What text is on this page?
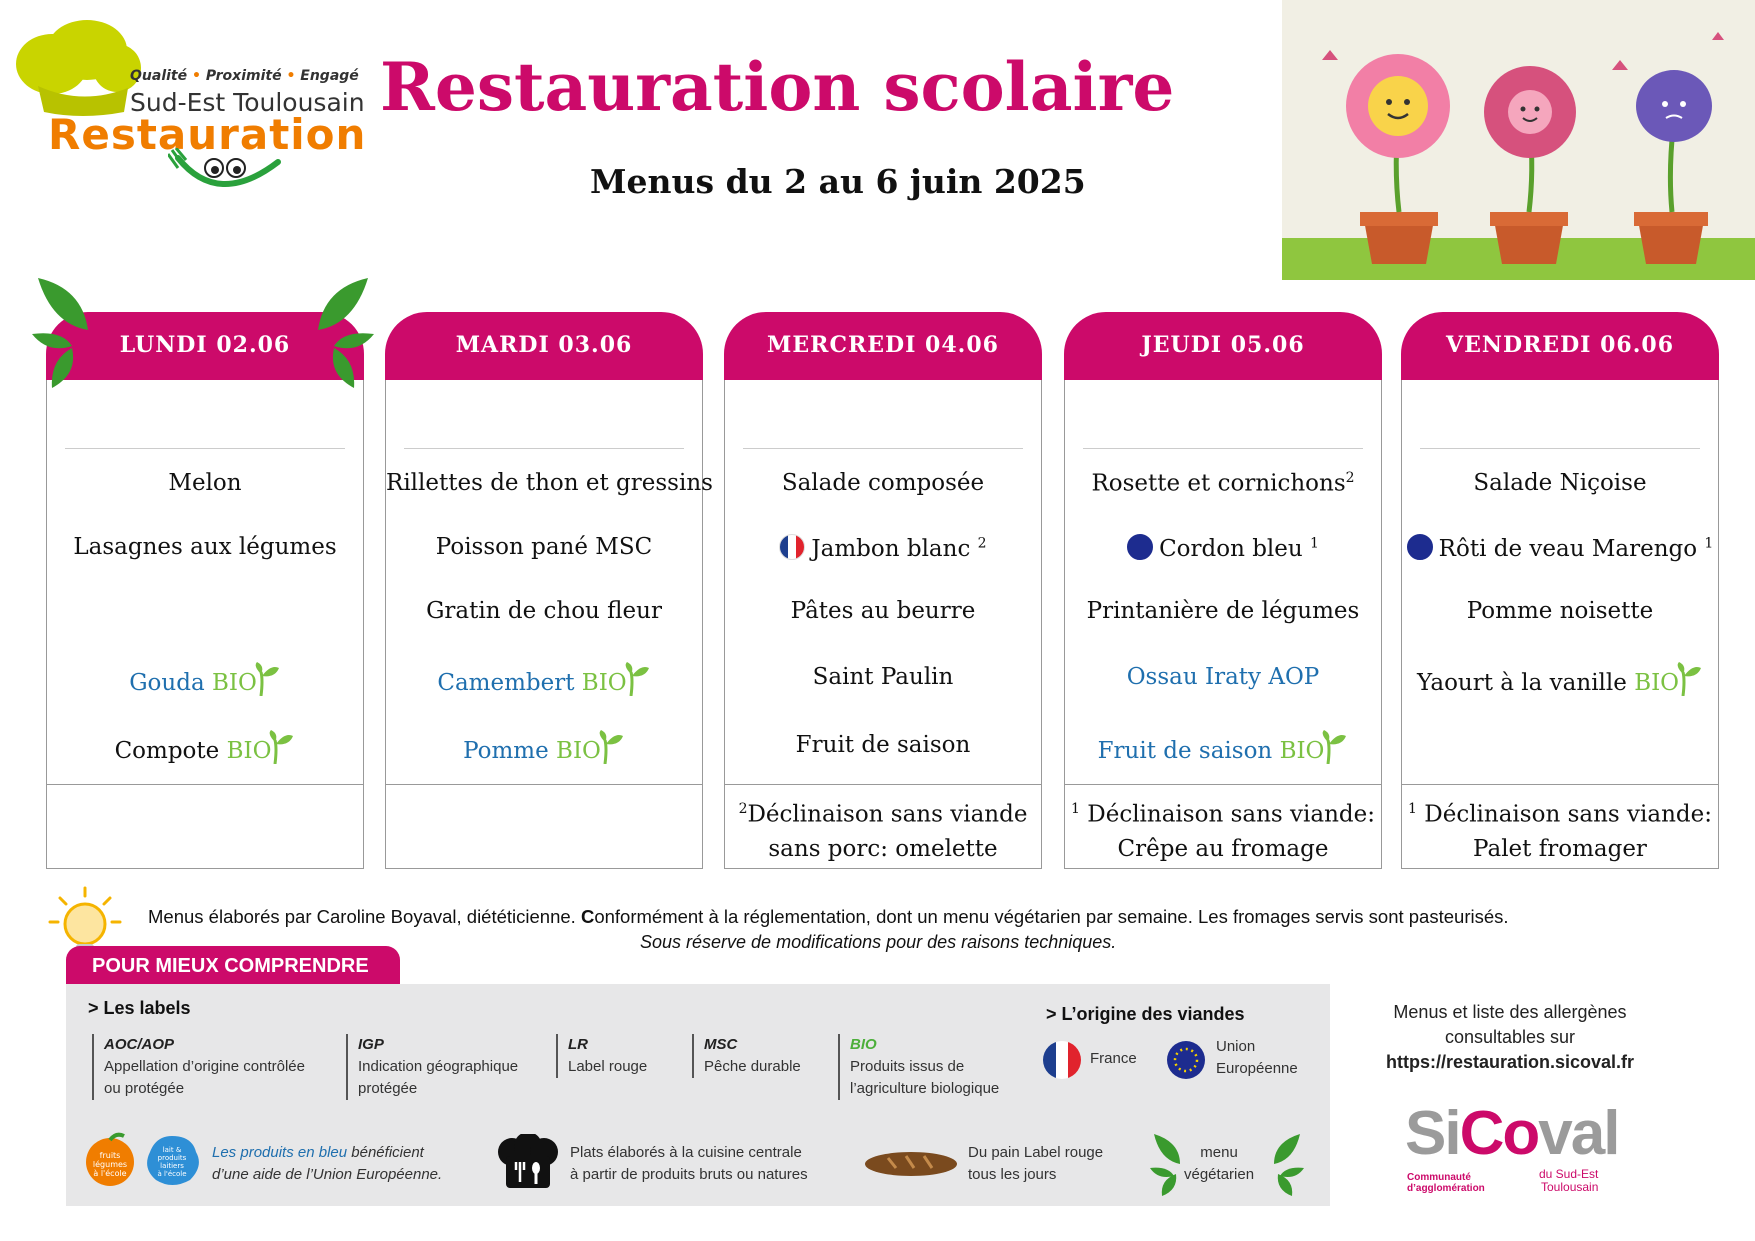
Qualité • Proximité • Engagé
Sud-Est Toulousain
Restauration
Restauration scolaire
Menus du 2 au 6 juin 2025
LUNDI 02.06
Melon
Lasagnes aux légumes
Gouda BIO
Compote BIO
MARDI 03.06
Rillettes de thon et gressins
Poisson pané MSC
Gratin de chou fleur
Camembert BIO
Pomme BIO
MERCREDI 04.06
Salade composée
Jambon blanc $^2$
Pâtes au beurre
Saint Paulin
Fruit de saison
$^2$Déclinaison sans viande
sans porc: omelette
JEUDI 05.06
Rosette et cornichons$^2$
Cordon bleu $^1$
Printanière de légumes
Ossau Iraty AOP
Fruit de saison BIO
$^1$ Déclinaison sans viande:
Crêpe au fromage
VENDREDI 06.06
Salade Niçoise
Rôti de veau Marengo $^1$
Pomme noisette
Yaourt à la vanille BIO
$^1$ Déclinaison sans viande:
Palet fromager
Menus élaborés par Caroline Boyaval, diététicienne. Conformément à la réglementation, dont un menu végétarien par semaine. Les fromages servis sont pasteurisés.
Sous réserve de modifications pour des raisons techniques.
POUR MIEUX COMPRENDRE
> Les labels
AOC/AOP
Appellation d’origine contrôlée
ou protégée
IGP
Indication géographique
protégée
LR
Label rouge
MSC
Pêche durable
BIO
Produits issus de
l’agriculture biologique
> L’origine des viandes
France
Union
Européenne
fruits
légumes
à l'école
lait &
produits
laitiers
à l'école
Les produits en bleu bénéficient
d’une aide de l’Union Européenne.
Plats élaborés à la cuisine centrale
à partir de produits bruts ou natures
Du pain Label rouge
tous les jours
menu
végétarien
Menus et liste des allergènes
consultables sur
https://restauration.sicoval.fr
SiCoval
Communauté
d’agglomération
du Sud-Est
Toulousain
